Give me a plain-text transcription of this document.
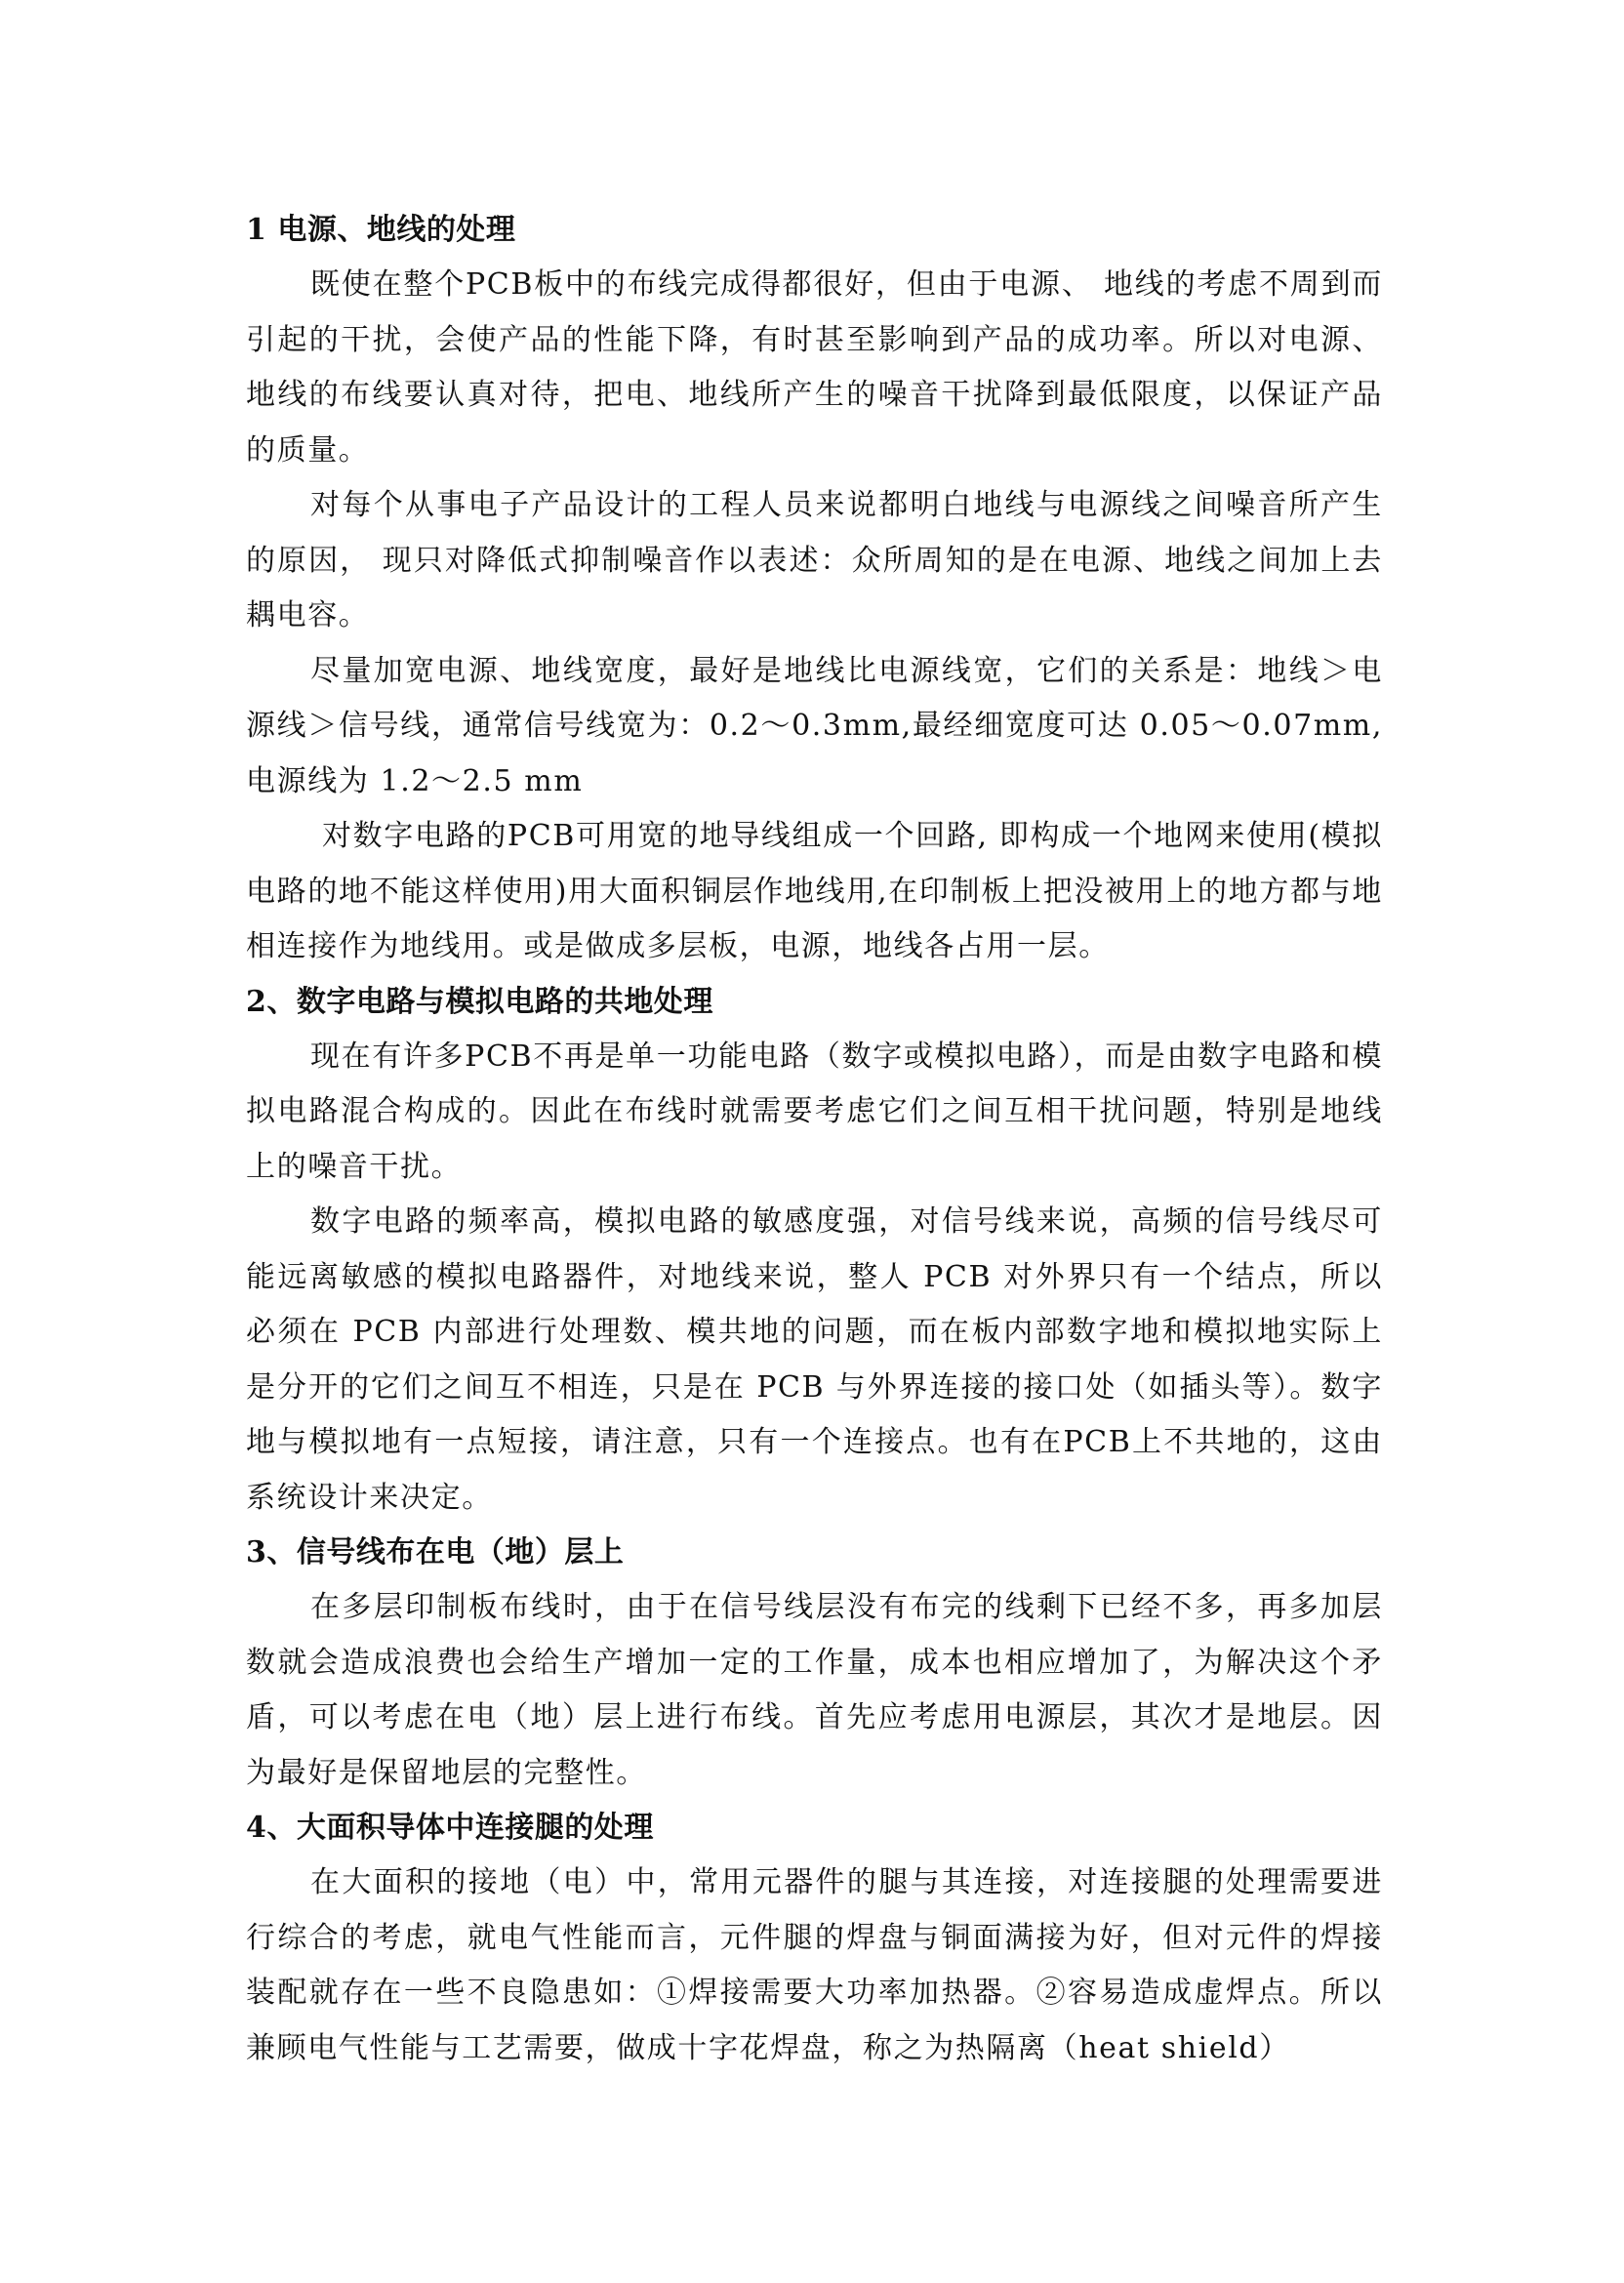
1 电源、地线的处理

既使在整个PCB板中的布线完成得都很好，但由于电源、 地线的考虑不周到而引起的干扰，会使产品的性能下降，有时甚至影响到产品的成功率。所以对电源、地线的布线要认真对待，把电、地线所产生的噪音干扰降到最低限度，以保证产品的质量。

对每个从事电子产品设计的工程人员来说都明白地线与电源线之间噪音所产生的原因， 现只对降低式抑制噪音作以表述：众所周知的是在电源、地线之间加上去耦电容。

尽量加宽电源、地线宽度，最好是地线比电源线宽，它们的关系是：地线＞电源线＞信号线，通常信号线宽为：0.2～0.3mm,最经细宽度可达 0.05～0.07mm,电源线为 1.2～2.5 mm

对数字电路的PCB可用宽的地导线组成一个回路, 即构成一个地网来使用(模拟电路的地不能这样使用)用大面积铜层作地线用,在印制板上把没被用上的地方都与地相连接作为地线用。或是做成多层板，电源，地线各占用一层。

2、数字电路与模拟电路的共地处理

现在有许多PCB不再是单一功能电路（数字或模拟电路），而是由数字电路和模拟电路混合构成的。因此在布线时就需要考虑它们之间互相干扰问题，特别是地线上的噪音干扰。

数字电路的频率高，模拟电路的敏感度强，对信号线来说，高频的信号线尽可能远离敏感的模拟电路器件，对地线来说，整人 PCB 对外界只有一个结点，所以必须在 PCB 内部进行处理数、模共地的问题，而在板内部数字地和模拟地实际上是分开的它们之间互不相连，只是在 PCB 与外界连接的接口处（如插头等）。数字地与模拟地有一点短接，请注意，只有一个连接点。也有在PCB上不共地的，这由系统设计来决定。

3、信号线布在电（地）层上

在多层印制板布线时，由于在信号线层没有布完的线剩下已经不多，再多加层数就会造成浪费也会给生产增加一定的工作量，成本也相应增加了，为解决这个矛盾，可以考虑在电（地）层上进行布线。首先应考虑用电源层，其次才是地层。因为最好是保留地层的完整性。

4、大面积导体中连接腿的处理

在大面积的接地（电）中，常用元器件的腿与其连接，对连接腿的处理需要进行综合的考虑，就电气性能而言，元件腿的焊盘与铜面满接为好，但对元件的焊接装配就存在一些不良隐患如：①焊接需要大功率加热器。②容易造成虚焊点。所以兼顾电气性能与工艺需要，做成十字花焊盘，称之为热隔离（heat shield）
